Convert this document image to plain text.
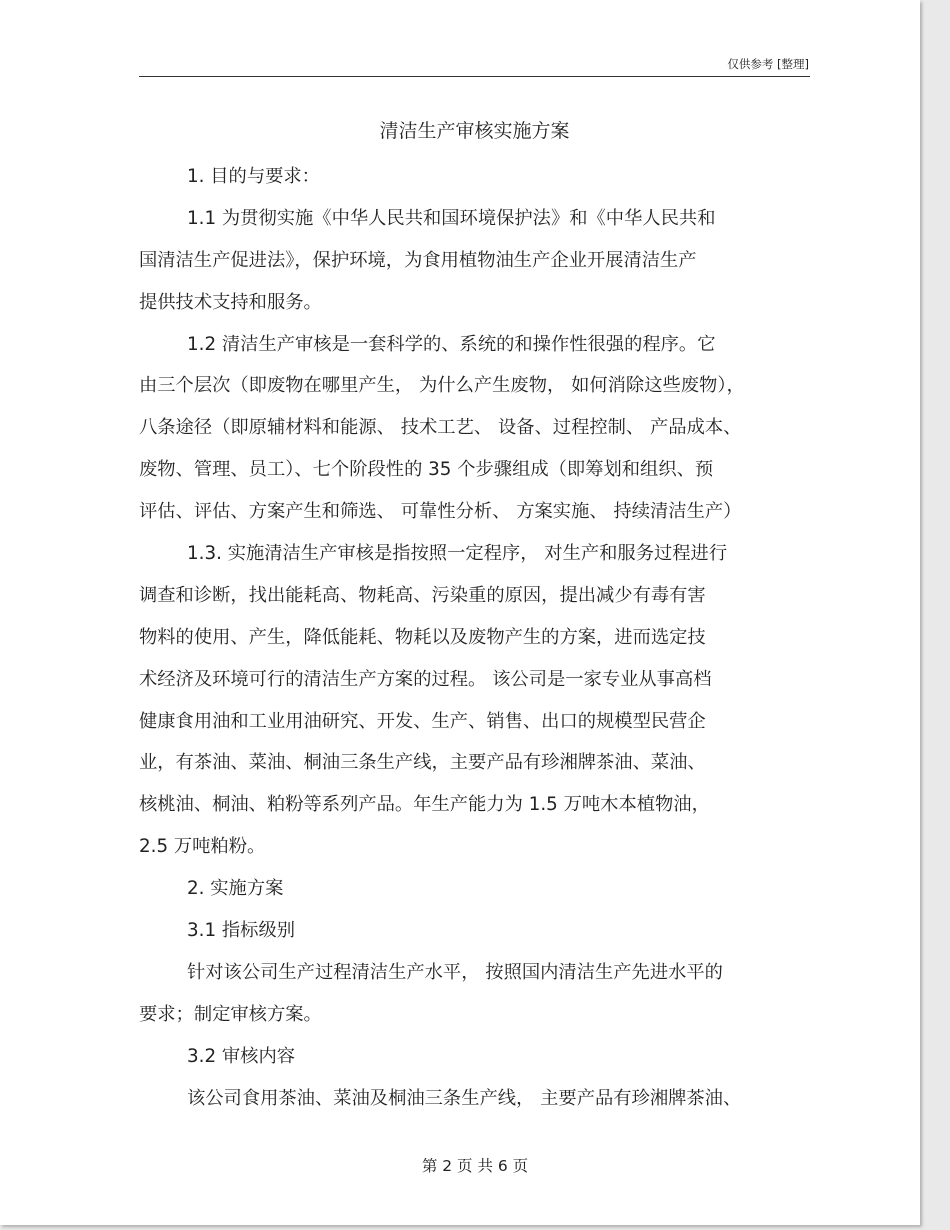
仅供参考 [整理]
清洁生产审核实施方案
1. 目的与要求：
1.1 为贯彻实施《中华人民共和国环境保护法》和《中华人民共和
国清洁生产促进法》，保护环境，为食用植物油生产企业开展清洁生产
提供技术支持和服务。
1.2 清洁生产审核是一套科学的、系统的和操作性很强的程序。它
由三个层次（即废物在哪里产生， 为什么产生废物， 如何消除这些废物），
八条途径（即原辅材料和能源、 技术工艺、 设备、过程控制、 产品成本、
废物、管理、员工）、七个阶段性的 35 个步骤组成（即筹划和组织、预
评估、评估、方案产生和筛选、 可靠性分析、 方案实施、 持续清洁生产）
1.3. 实施清洁生产审核是指按照一定程序， 对生产和服务过程进行
调查和诊断，找出能耗高、物耗高、污染重的原因，提出减少有毒有害
物料的使用、产生，降低能耗、物耗以及废物产生的方案，进而选定技
术经济及环境可行的清洁生产方案的过程。 该公司是一家专业从事高档
健康食用油和工业用油研究、开发、生产、销售、出口的规模型民营企
业，有茶油、菜油、桐油三条生产线，主要产品有珍湘牌茶油、菜油、
核桃油、桐油、粕粉等系列产品。年生产能力为 1.5 万吨木本植物油，
2.5 万吨粕粉。
2. 实施方案
3.1 指标级别
针对该公司生产过程清洁生产水平， 按照国内清洁生产先进水平的
要求；制定审核方案。
3.2 审核内容
该公司食用茶油、菜油及桐油三条生产线， 主要产品有珍湘牌茶油、
第 2 页 共 6 页
